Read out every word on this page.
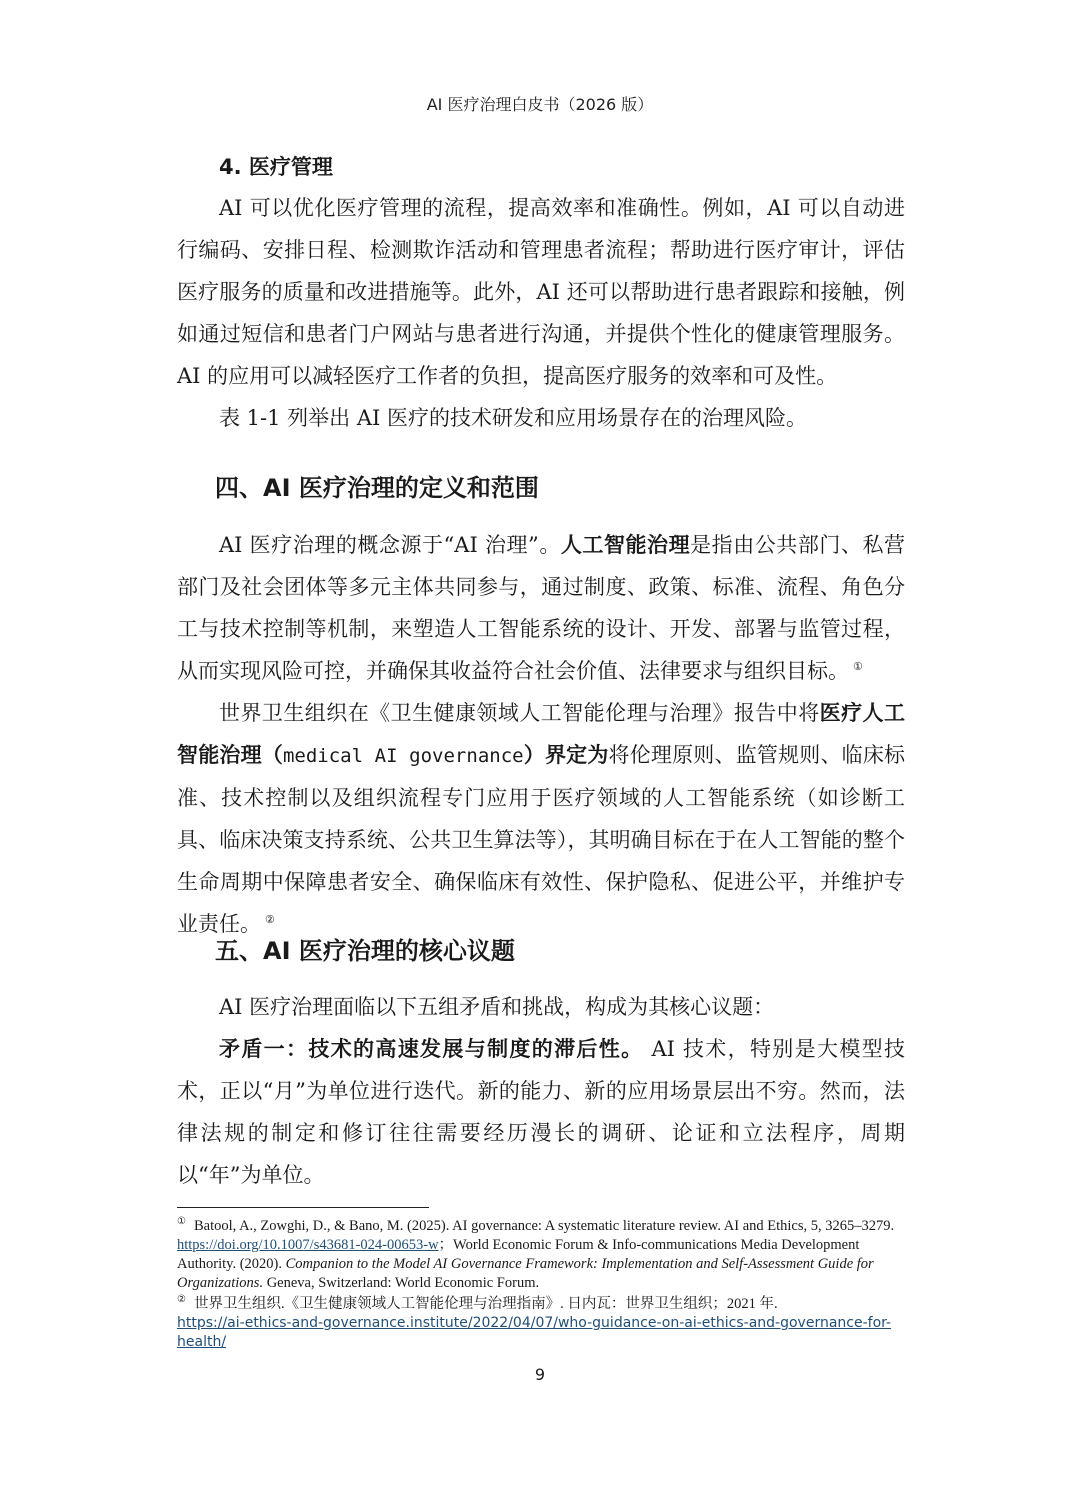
AI 医疗治理白皮书（2026 版）
4. 医疗管理

AI 可以优化医疗管理的流程，提高效率和准确性。例如，AI 可以自动进行编码、安排日程、检测欺诈活动和管理患者流程；帮助进行医疗审计，评估医疗服务的质量和改进措施等。此外，AI 还可以帮助进行患者跟踪和接触，例如通过短信和患者门户网站与患者进行沟通，并提供个性化的健康管理服务。AI 的应用可以减轻医疗工作者的负担，提高医疗服务的效率和可及性。

表 1-1 列举出 AI 医疗的技术研发和应用场景存在的治理风险。

四、AI 医疗治理的定义和范围

AI 医疗治理的概念源于“AI 治理”。人工智能治理是指由公共部门、私营部门及社会团体等多元主体共同参与，通过制度、政策、标准、流程、角色分工与技术控制等机制，来塑造人工智能系统的设计、开发、部署与监管过程，从而实现风险可控，并确保其收益符合社会价值、法律要求与组织目标。 ①

世界卫生组织在《卫生健康领域人工智能伦理与治理》报告中将医疗人工智能治理（medical AI governance）界定为将伦理原则、监管规则、临床标准、技术控制以及组织流程专门应用于医疗领域的人工智能系统（如诊断工具、临床决策支持系统、公共卫生算法等），其明确目标在于在人工智能的整个生命周期中保障患者安全、确保临床有效性、保护隐私、促进公平，并维护专业责任。 ②

五、AI 医疗治理的核心议题

AI 医疗治理面临以下五组矛盾和挑战，构成为其核心议题：

矛盾一：技术的高速发展与制度的滞后性。 AI 技术，特别是大模型技术，正以“月”为单位进行迭代。新的能力、新的应用场景层出不穷。然而，法律法规的制定和修订往往需要经历漫长的调研、论证和立法程序，周期以“年”为单位。

① Batool, A., Zowghi, D., & Bano, M. (2025). AI governance: A systematic literature review. AI and Ethics, 5, 3265–3279. https://doi.org/10.1007/s43681-024-00653-w；World Economic Forum & Info-communications Media Development Authority. (2020). Companion to the Model AI Governance Framework: Implementation and Self-Assessment Guide for Organizations. Geneva, Switzerland: World Economic Forum.

② 世界卫生组织.《卫生健康领域人工智能伦理与治理指南》. 日内瓦：世界卫生组织；2021 年.

https://ai-ethics-and-governance.institute/2022/04/07/who-guidance-on-ai-ethics-and-governance-for-health/

9
